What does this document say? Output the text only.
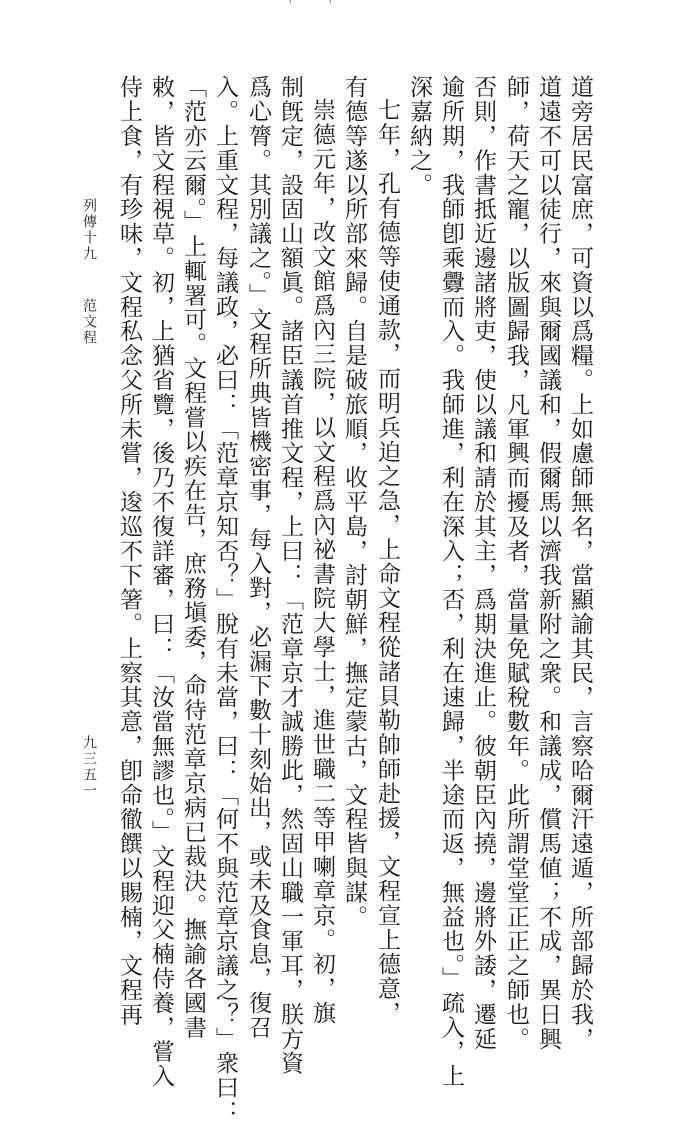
道旁居民富庶，可資以爲糧。上如慮師無名，當顯諭其民，言察哈爾汗遠遁，所部歸於我，
道遠不可以徒行，來與爾國議和，假爾馬以濟我新附之衆。和議成，償馬値；不成，異日興
師，荷天之寵，以版圖歸我，凡軍興而擾及者，當量免賦稅數年。此所謂堂堂正正之師也。
否則，作書抵近邊諸將吏，使以議和請於其主，爲期決進止。彼朝臣內撓，邊將外諉，遷延
逾所期，我師卽乘釁而入。我師進，利在深入；否，利在速歸，半途而返，無益也。」疏入，上
深嘉納之。
七年，孔有德等使通款，而明兵迫之急，上命文程從諸貝勒帥師赴援，文程宣上德意，
有德等遂以所部來歸。自是破旅順，收平島，討朝鮮，撫定蒙古，文程皆與謀。
崇德元年，改文館爲內三院，以文程爲內祕書院大學士，進世職二等甲喇章京。初，旗
制旣定，設固山額眞。諸臣議首推文程，上曰：「范章京才誠勝此，然固山職一軍耳，朕方資
爲心膂。其別議之。」文程所典皆機密事，每入對，必漏下數十刻始出，或未及食息，復召
入。上重文程，每議政，必曰：「范章京知否？」脫有未當，曰：「何不與范章京議之？」衆曰：
「范亦云爾。」上輒署可。文程嘗以疾在告，庶務塡委，命待范章京病已裁決。撫諭各國書
敕，皆文程視草。初，上猶省覽，後乃不復詳審，曰：「汝當無謬也。」文程迎父楠侍養，嘗入
侍上食，有珍味，文程私念父所未嘗，逡巡不下箸。上察其意，卽命徹饌以賜楠，文程再
列傳十九
范文程
九三五一
